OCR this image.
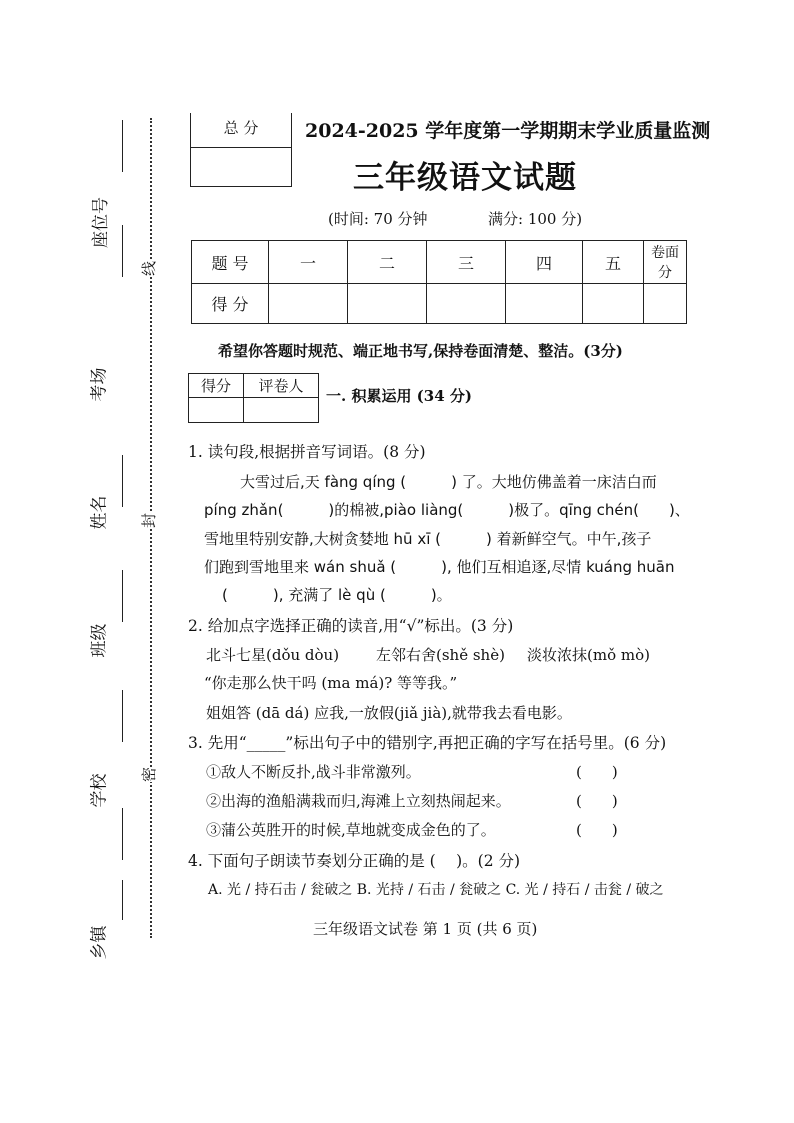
座位号
考场
姓名
班级
学校
乡镇
线
封
密
总 分	2024-2025 学年度第一学期期末学业质量监测
三年级语文试题
(时间: 70 分钟	满分: 100 分)
题 号	一	二	三	四	五	卷面分
得 分						
希望你答题时规范、端正地书写,保持卷面清楚、整洁。(3分)
得分	评卷人

一. 积累运用 (34 分)
1. 读句段,根据拼音写词语。(8 分)
大雪过后,天 fàng qíng (　　　) 了。大地仿佛盖着一床洁白而
píng zhǎn(　　　)的棉被,piào liàng(　　　)极了。qīng chén(　　)、
雪地里特别安静,大树贪婪地 hū xī (　　　) 着新鲜空气。中午,孩子
们跑到雪地里来 wán shuǎ (　　　), 他们互相追逐,尽情 kuáng huān
(　　　), 充满了 lè qù (　　　)。
2. 给加点字选择正确的读音,用“√”标出。(3 分)
北斗七星(dǒu dòu) 左邻右舍(shě shè) 淡妆浓抹(mǒ mò)
“你走那么快干吗 (ma má)? 等等我。”
姐姐答 (dā dá) 应我,一放假(jiǎ jià),就带我去看电影。
3. 先用“_____”标出句子中的错别字,再把正确的字写在括号里。(6 分)
①敌人不断反扑,战斗非常激列。	(　　)
②出海的渔船满栽而归,海滩上立刻热闹起来。	(　　)
③蒲公英胜开的时候,草地就变成金色的了。	(　　)
4. 下面句子朗读节奏划分正确的是 (　 )。(2 分)
A. 光 / 持石击 / 瓮破之 B. 光持 / 石击 / 瓮破之 C. 光 / 持石 / 击瓮 / 破之
三年级语文试卷 第 1 页 (共 6 页)
